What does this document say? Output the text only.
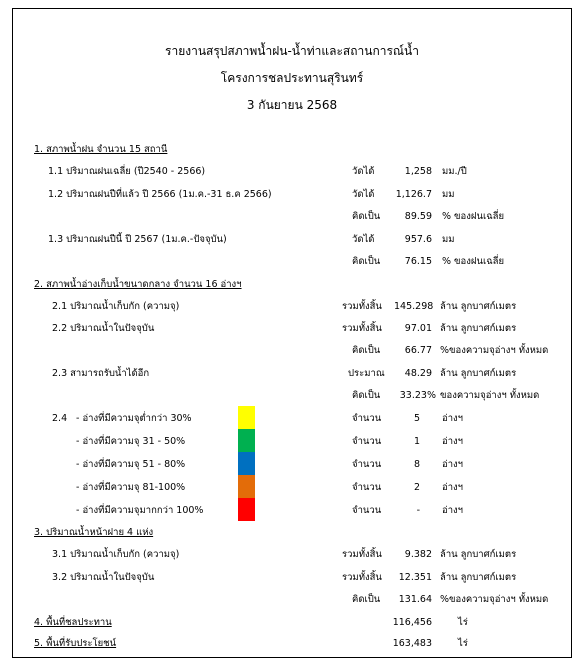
รายงานสรุปสภาพน้ำฝน-น้ำท่าและสถานการณ์น้ำ
โครงการชลประทานสุรินทร์
3 กันยายน 2568
1. สภาพน้ำฝน จำนวน 15 สถานี
1.1 ปริมาณฝนเฉลี่ย (ปี2540 - 2566)	วัดได้	1,258 มม./ปี
1.2 ปริมาณฝนปีที่แล้ว ปี 2566 (1ม.ค.-31 ธ.ค 2566)	วัดได้ 1,126.7 มม
คิดเป็น	89.59 % ของฝนเฉลี่ย
1.3 ปริมาณฝนปีนี้ ปี 2567 (1ม.ค.-ปัจจุบัน)	วัดได้	957.6 มม
คิดเป็น	76.15 % ของฝนเฉลี่ย
2. สภาพน้ำอ่างเก็บน้ำขนาดกลาง จำนวน 16 อ่างฯ
2.1 ปริมาณน้ำเก็บกัก (ความจุ)	รวมทั้งสิ้น 145.298 ล้าน ลูกบาศก์เมตร
2.2 ปริมาณน้ำในปัจจุบัน	รวมทั้งสิ้น	97.01 ล้าน ลูกบาศก์เมตร
คิดเป็น	66.77 %ของความจุอ่างฯ ทั้งหมด
2.3 สามารถรับน้ำได้อีก	ประมาณ	48.29 ล้าน ลูกบาศก์เมตร
คิดเป็น	33.23% ของความจุอ่างฯ ทั้งหมด
2.4 - อ่างที่มีความจุต่ำกว่า 30%	จำนวน	5 อ่างฯ
- อ่างที่มีความจุ 31 - 50%	จำนวน	1 อ่างฯ
- อ่างที่มีความจุ 51 - 80%	จำนวน	8 อ่างฯ
- อ่างที่มีความจุ 81-100%	จำนวน	2 อ่างฯ
- อ่างที่มีความจุมากกว่า 100%	จำนวน	- อ่างฯ
3. ปริมาณน้ำหน้าฝาย 4 แห่ง
3.1 ปริมาณน้ำเก็บกัก (ความจุ)	รวมทั้งสิ้น	9.382 ล้าน ลูกบาศก์เมตร
3.2 ปริมาณน้ำในปัจจุบัน	รวมทั้งสิ้น	12.351 ล้าน ลูกบาศก์เมตร
คิดเป็น	131.64 %ของความจุอ่างฯ ทั้งหมด
4. พื้นที่ชลประทาน	116,456	ไร่
5. พื้นที่รับประโยชน์	163,483	ไร่
